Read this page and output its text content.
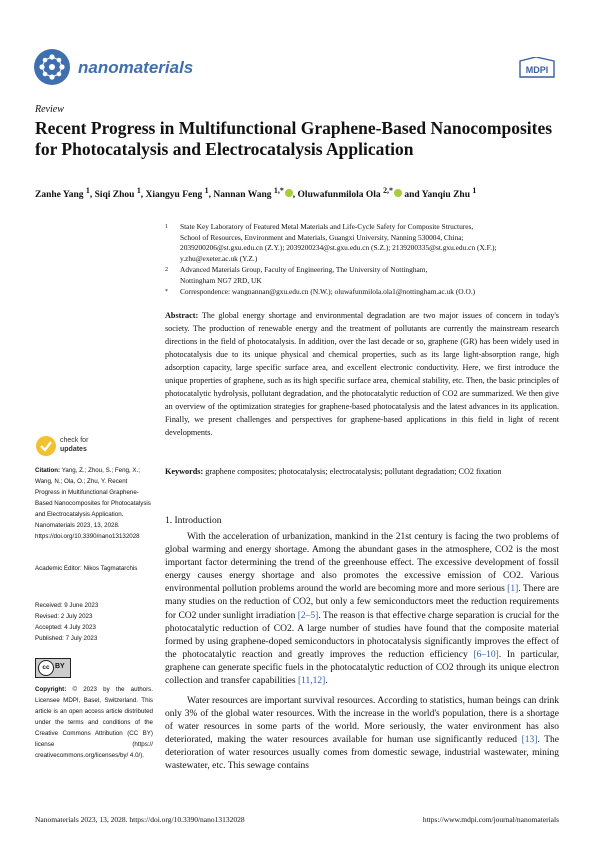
nanomaterials	MDPI
Review
Recent Progress in Multifunctional Graphene-Based Nanocomposites for Photocatalysis and Electrocatalysis Application
Zanhe Yang $^1$, Siqi Zhou $^1$, Xiangyu Feng $^1$, Nannan Wang $^{1,*}$ , Oluwafunmilola Ola $^{2,*}$ and Yanqiu Zhu $^1$
1 State Key Laboratory of Featured Metal Materials and Life-Cycle Safety for Composite Structures,
School of Resources, Environment and Materials, Guangxi University, Nanning 530004, China;
2039200206@st.gxu.edu.cn (Z.Y.); 2039200234@st.gxu.edu.cn (S.Z.); 2139200335@st.gxu.edu.cn (X.F.);
y.zhu@exeter.ac.uk (Y.Z.)
2 Advanced Materials Group, Faculty of Engineering, The University of Nottingham,
Nottingham NG7 2RD, UK
* Correspondence: wangnannan@gxu.edu.cn (N.W.); oluwafunmilola.ola1@nottingham.ac.uk (O.O.)
Abstract: The global energy shortage and environmental degradation are two major issues of concern in today's society. The production of renewable energy and the treatment of pollutants are currently the mainstream research directions in the field of photocatalysis. In addition, over the last decade or so, graphene (GR) has been widely used in photocatalysis due to its unique physical and chemical properties, such as its large light-absorption range, high adsorption capacity, large specific surface area, and excellent electronic conductivity. Here, we first introduce the unique properties of graphene, such as its high specific surface area, chemical stability, etc. Then, the basic principles of photocatalytic hydrolysis, pollutant degradation, and the photocatalytic reduction of CO2 are summarized. We then give an overview of the optimization strategies for graphene-based photocatalysis and the latest advances in its application. Finally, we present challenges and perspectives for graphene-based applications in this field in light of recent developments.
Keywords: graphene composites; photocatalysis; electrocatalysis; pollutant degradation; CO2 fixation
check for
updates
Citation: Yang, Z.; Zhou, S.; Feng, X.; Wang, N.; Ola, O.; Zhu, Y. Recent Progress in Multifunctional Graphene-Based Nanocomposites for Photocatalysis and Electrocatalysis Application. Nanomaterials 2023, 13, 2028. https://doi.org/10.3390/nano13132028
Academic Editor: Nikos Tagmatarchis
Received: 9 June 2023
Revised: 2 July 2023
Accepted: 4 July 2023
Published: 7 July 2023
cc BY
Copyright: © 2023 by the authors. Licensee MDPI, Basel, Switzerland. This article is an open access article distributed under the terms and conditions of the Creative Commons Attribution (CC BY) license (https:// creativecommons.org/licenses/by/ 4.0/).
1. Introduction
With the acceleration of urbanization, mankind in the 21st century is facing the two problems of global warming and energy shortage. Among the abundant gases in the atmosphere, CO2 is the most important factor determining the trend of the greenhouse effect. The excessive development of fossil energy causes energy shortage and also promotes the excessive emission of CO2. Various environmental pollution problems around the world are becoming more and more serious [1]. There are many studies on the reduction of CO2, but only a few semiconductors meet the reduction requirements for CO2 under sunlight irradiation [2–5]. The reason is that effective charge separation is crucial for the photocatalytic reduction of CO2. A large number of studies have found that the composite material formed by using graphene-doped semiconductors in photocatalysis significantly improves the effect of the photocatalytic reaction and greatly improves the reduction efficiency [6–10]. In particular, graphene can generate specific fuels in the photocatalytic reduction of CO2 through its unique electron collection and transfer capabilities [11,12].
Water resources are important survival resources. According to statistics, human beings can drink only 3% of the global water resources. With the increase in the world's population, there is a shortage of water resources in some parts of the world. More seriously, the water environment has also deteriorated, making the water resources available for human use significantly reduced [13]. The deterioration of water resources usually comes from domestic sewage, industrial wastewater, mining wastewater, etc. This sewage contains
Nanomaterials 2023, 13, 2028. https://doi.org/10.3390/nano13132028	https://www.mdpi.com/journal/nanomaterials
